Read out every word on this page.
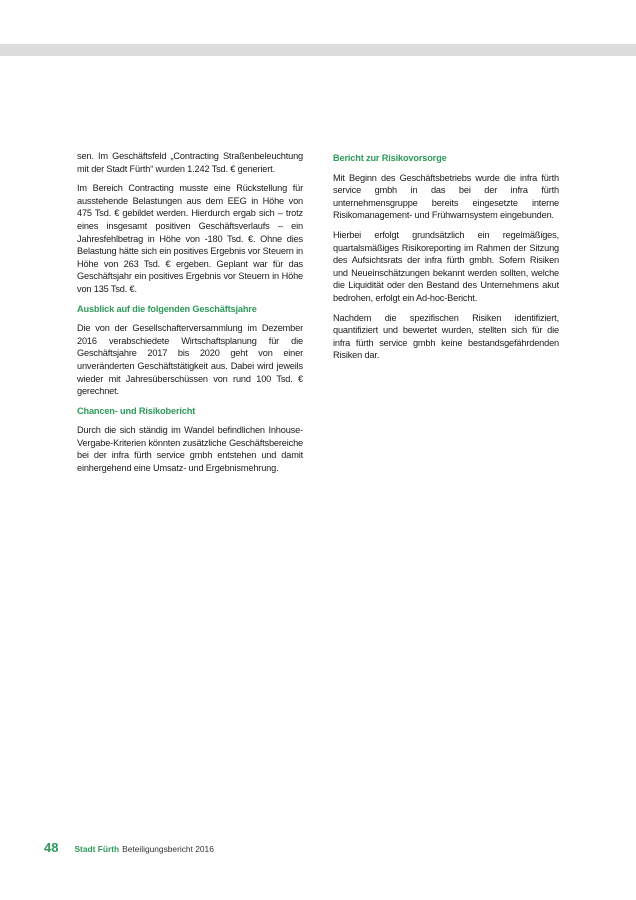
sen. Im Geschäftsfeld „Contracting Straßenbeleuchtung mit der Stadt Fürth“ wurden 1.242 Tsd. € generiert.

Im Bereich Contracting musste eine Rückstellung für ausstehende Belastungen aus dem EEG in Höhe von 475 Tsd. € gebildet werden. Hierdurch ergab sich – trotz eines insgesamt positiven Geschäftsverlaufs – ein Jahresfehlbetrag in Höhe von -180 Tsd. €. Ohne dies Belastung hätte sich ein positives Ergebnis vor Steuern in Höhe von 263 Tsd. € ergeben. Geplant war für das Geschäftsjahr ein positives Ergebnis vor Steuern in Höhe von 135 Tsd. €.

Ausblick auf die folgenden Geschäftsjahre

Die von der Gesellschafterversammlung im Dezember 2016 verabschiedete Wirtschaftsplanung für die Geschäftsjahre 2017 bis 2020 geht von einer unveränderten Geschäftstätigkeit aus. Dabei wird jeweils wieder mit Jahresüberschüssen von rund 100 Tsd. € gerechnet.

Chancen- und Risikobericht

Durch die sich ständig im Wandel befindlichen Inhouse-Vergabe-Kriterien könnten zusätzliche Geschäftsbereiche bei der infra fürth service gmbh entstehen und damit einhergehend eine Umsatz- und Ergebnismehrung.

Bericht zur Risikovorsorge

Mit Beginn des Geschäftsbetriebs wurde die infra fürth service gmbh in das bei der infra fürth unternehmensgruppe bereits eingesetzte interne Risikomanagement- und Frühwarnsystem eingebunden.

Hierbei erfolgt grundsätzlich ein regelmäßiges, quartalsmäßiges Risikoreporting im Rahmen der Sitzung des Aufsichtsrats der infra fürth gmbh. Sofern Risiken und Neueinschätzungen bekannt werden sollten, welche die Liquidität oder den Bestand des Unternehmens akut bedrohen, erfolgt ein Ad-hoc-Bericht.

Nachdem die spezifischen Risiken identifiziert, quantifiziert und bewertet wurden, stellten sich für die infra fürth service gmbh keine bestandsgefährdenden Risiken dar.

48 Stadt Fürth Beteiligungsbericht 2016
